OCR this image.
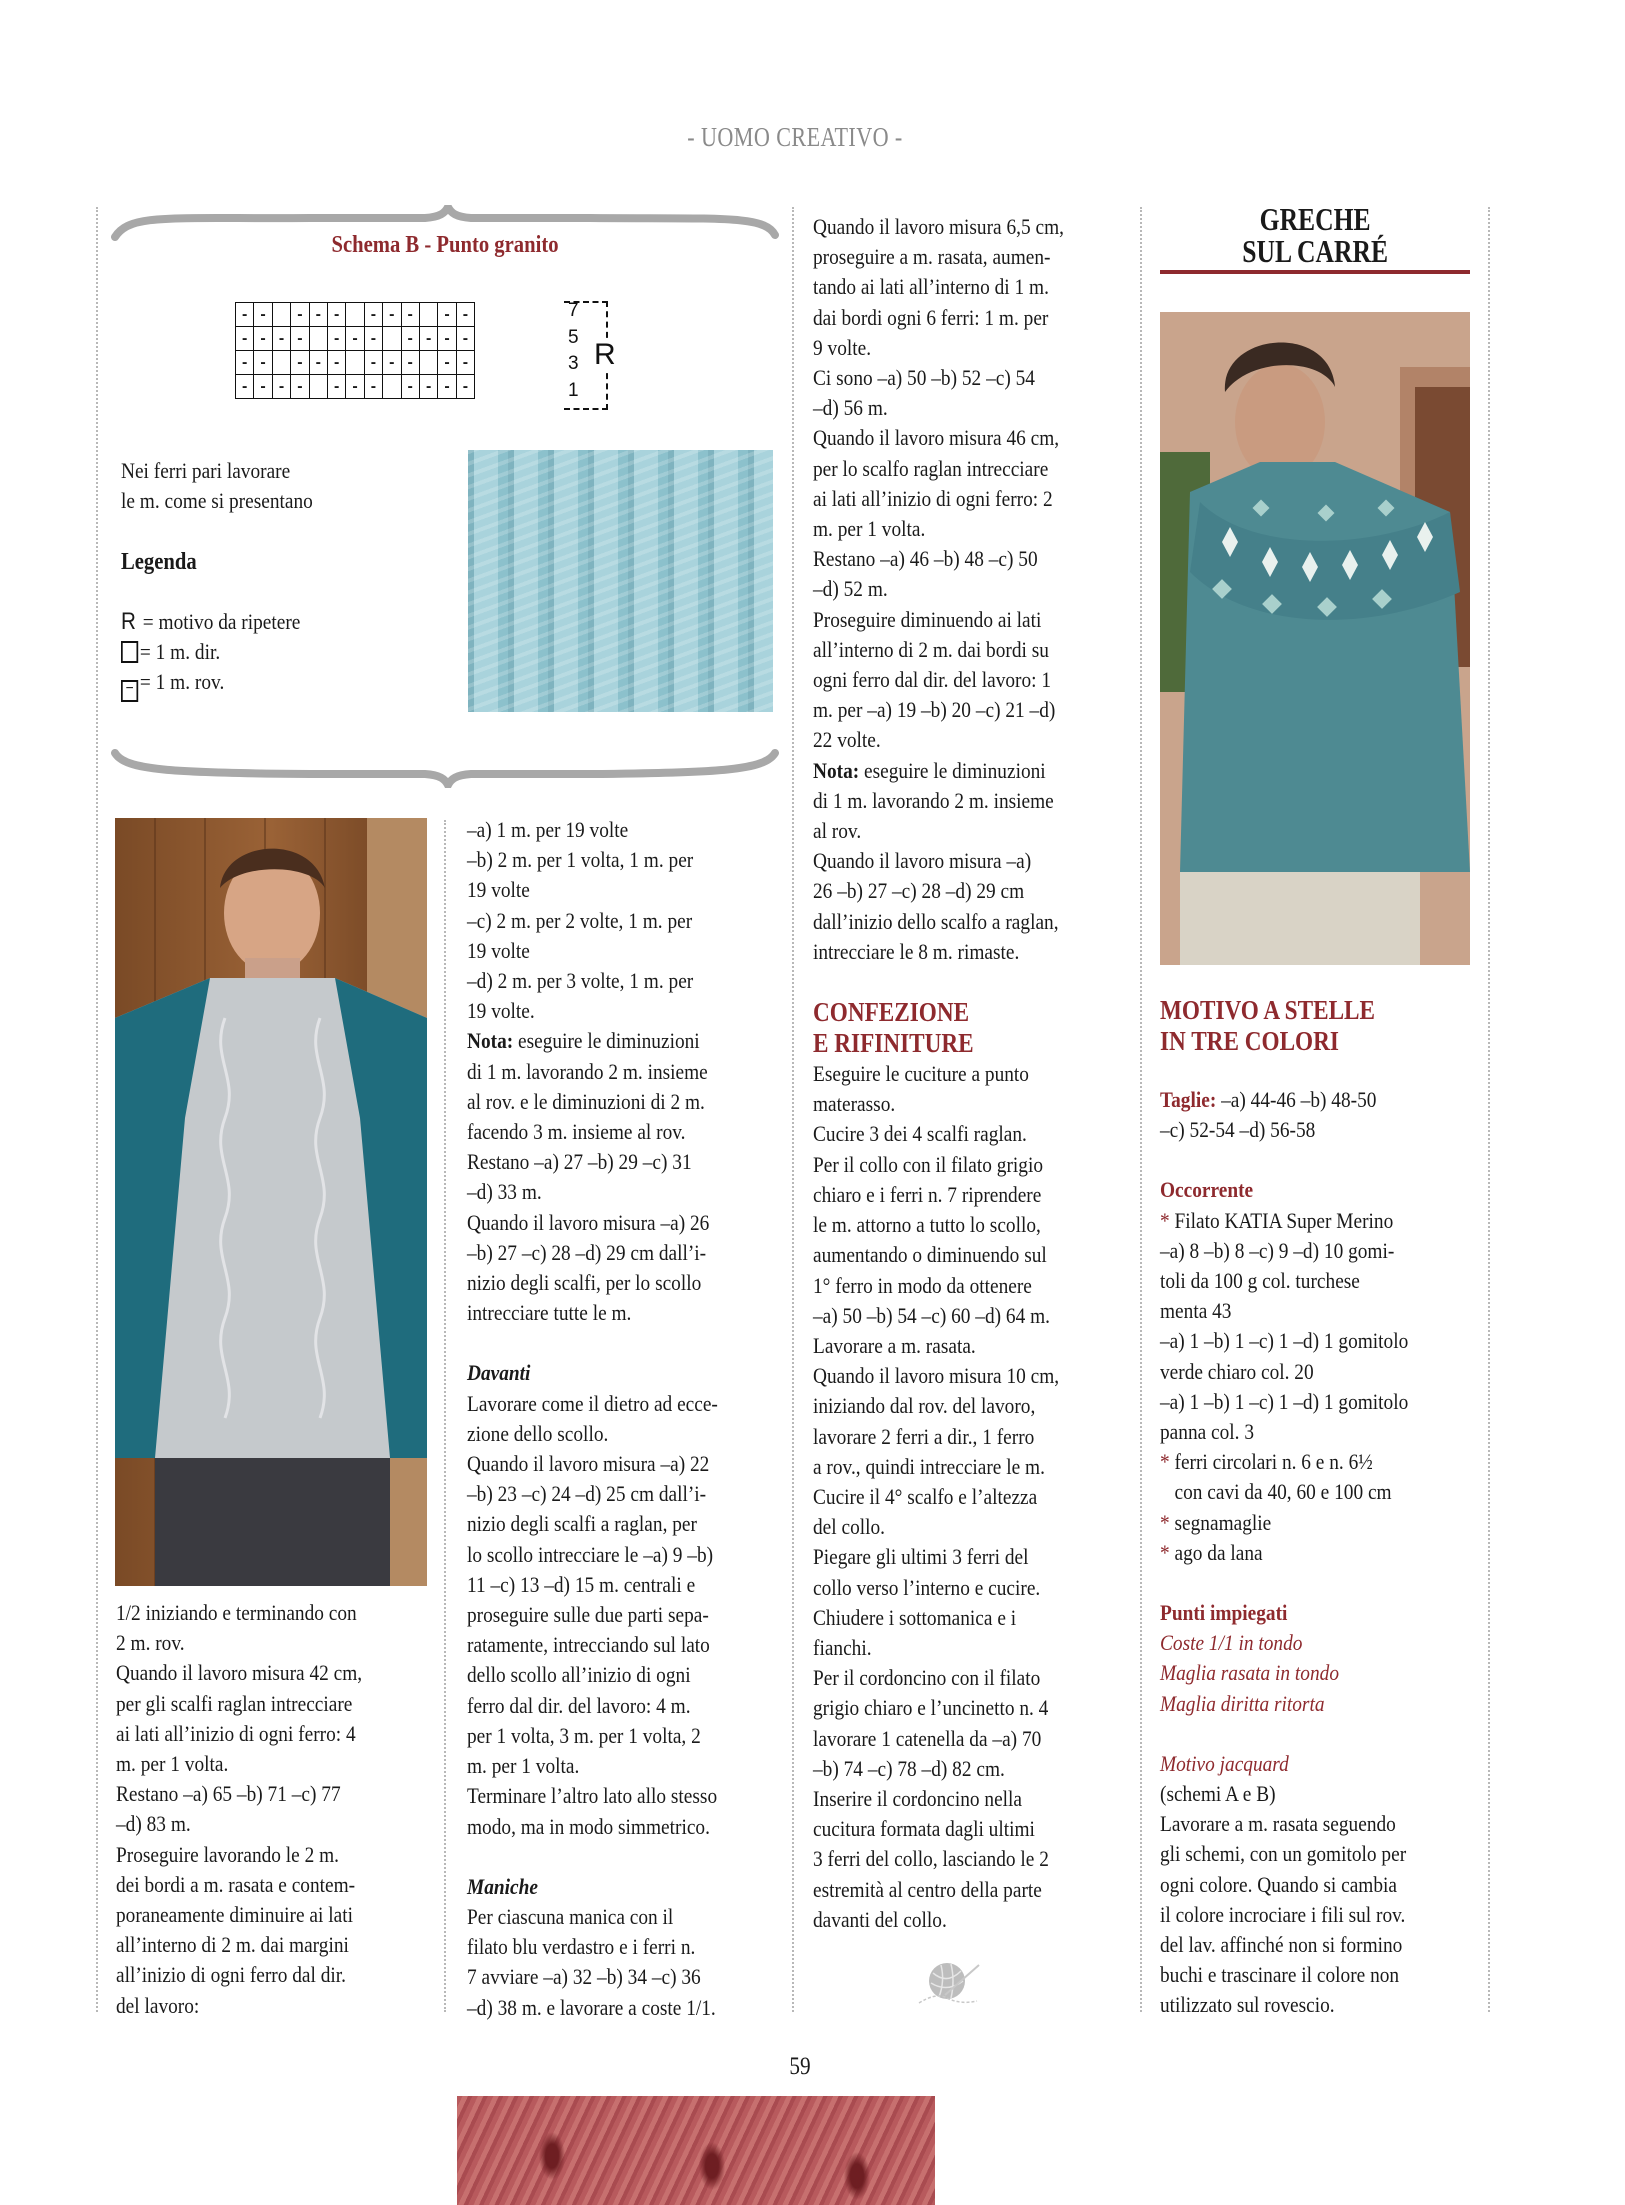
- UOMO CREATIVO -
Schema B - Punto granito
-	-		-	-	-		-	-	-		-	-
-	-	-	-		-	-	-		-	-	-	-
-	-		-	-	-		-	-	-		-	-
-	-	-	-		-	-	-		-	-	-	-
7
5
3
1
R
Nei ferri pari lavorare
le m. come si presentano
Legenda
R = motivo da ripetere
= 1 m. dir.
− = 1 m. rov.
1/2 iniziando e terminando con
2 m. rov.
Quando il lavoro misura 42 cm,
per gli scalfi raglan intrecciare
ai lati all’inizio di ogni ferro: 4
m. per 1 volta.
Restano –a) 65 –b) 71 –c) 77
–d) 83 m.
Proseguire lavorando le 2 m.
dei bordi a m. rasata e contem-
poraneamente diminuire ai lati
all’interno di 2 m. dai margini
all’inizio di ogni ferro dal dir.
del lavoro:
–a) 1 m. per 19 volte
–b) 2 m. per 1 volta, 1 m. per
19 volte
–c) 2 m. per 2 volte, 1 m. per
19 volte
–d) 2 m. per 3 volte, 1 m. per
19 volte.
Nota: eseguire le diminuzioni
di 1 m. lavorando 2 m. insieme
al rov. e le diminuzioni di 2 m.
facendo 3 m. insieme al rov.
Restano –a) 27 –b) 29 –c) 31
–d) 33 m.
Quando il lavoro misura –a) 26
–b) 27 –c) 28 –d) 29 cm dall’i-
nizio degli scalfi, per lo scollo
intrecciare tutte le m.
Davanti
Lavorare come il dietro ad ecce-
zione dello scollo.
Quando il lavoro misura –a) 22
–b) 23 –c) 24 –d) 25 cm dall’i-
nizio degli scalfi a raglan, per
lo scollo intrecciare le –a) 9 –b)
11 –c) 13 –d) 15 m. centrali e
proseguire sulle due parti sepa-
ratamente, intrecciando sul lato
dello scollo all’inizio di ogni
ferro dal dir. del lavoro: 4 m.
per 1 volta, 3 m. per 1 volta, 2
m. per 1 volta.
Terminare l’altro lato allo stesso
modo, ma in modo simmetrico.
Maniche
Per ciascuna manica con il
filato blu verdastro e i ferri n.
7 avviare –a) 32 –b) 34 –c) 36
–d) 38 m. e lavorare a coste 1/1.
Quando il lavoro misura 6,5 cm,
proseguire a m. rasata, aumen-
tando ai lati all’interno di 1 m.
dai bordi ogni 6 ferri: 1 m. per
9 volte.
Ci sono –a) 50 –b) 52 –c) 54
–d) 56 m.
Quando il lavoro misura 46 cm,
per lo scalfo raglan intrecciare
ai lati all’inizio di ogni ferro: 2
m. per 1 volta.
Restano –a) 46 –b) 48 –c) 50
–d) 52 m.
Proseguire diminuendo ai lati
all’interno di 2 m. dai bordi su
ogni ferro dal dir. del lavoro: 1
m. per –a) 19 –b) 20 –c) 21 –d)
22 volte.
Nota: eseguire le diminuzioni
di 1 m. lavorando 2 m. insieme
al rov.
Quando il lavoro misura –a)
26 –b) 27 –c) 28 –d) 29 cm
dall’inizio dello scalfo a raglan,
intrecciare le 8 m. rimaste.
CONFEZIONE
E RIFINITURE
Eseguire le cuciture a punto
materasso.
Cucire 3 dei 4 scalfi raglan.
Per il collo con il filato grigio
chiaro e i ferri n. 7 riprendere
le m. attorno a tutto lo scollo,
aumentando o diminuendo sul
1° ferro in modo da ottenere
–a) 50 –b) 54 –c) 60 –d) 64 m.
Lavorare a m. rasata.
Quando il lavoro misura 10 cm,
iniziando dal rov. del lavoro,
lavorare 2 ferri a dir., 1 ferro
a rov., quindi intrecciare le m.
Cucire il 4° scalfo e l’altezza
del collo.
Piegare gli ultimi 3 ferri del
collo verso l’interno e cucire.
Chiudere i sottomanica e i
fianchi.
Per il cordoncino con il filato
grigio chiaro e l’uncinetto n. 4
lavorare 1 catenella da –a) 70
–b) 74 –c) 78 –d) 82 cm.
Inserire il cordoncino nella
cucitura formata dagli ultimi
3 ferri del collo, lasciando le 2
estremità al centro della parte
davanti del collo.
GRECHE
SUL CARRÉ
MOTIVO A STELLE
IN TRE COLORI
Taglie: –a) 44-46 –b) 48-50
–c) 52-54 –d) 56-58
Occorrente
* Filato KATIA Super Merino
–a) 8 –b) 8 –c) 9 –d) 10 gomi-
toli da 100 g col. turchese
menta 43
–a) 1 –b) 1 –c) 1 –d) 1 gomitolo
verde chiaro col. 20
–a) 1 –b) 1 –c) 1 –d) 1 gomitolo
panna col. 3
* ferri circolari n. 6 e n. 6½
con cavi da 40, 60 e 100 cm
* segnamaglie
* ago da lana
Punti impiegati
Coste 1/1 in tondo
Maglia rasata in tondo
Maglia diritta ritorta
Motivo jacquard
(schemi A e B)
Lavorare a m. rasata seguendo
gli schemi, con un gomitolo per
ogni colore. Quando si cambia
il colore incrociare i fili sul rov.
del lav. affinché non si formino
buchi e trascinare il colore non
utilizzato sul rovescio.
59
